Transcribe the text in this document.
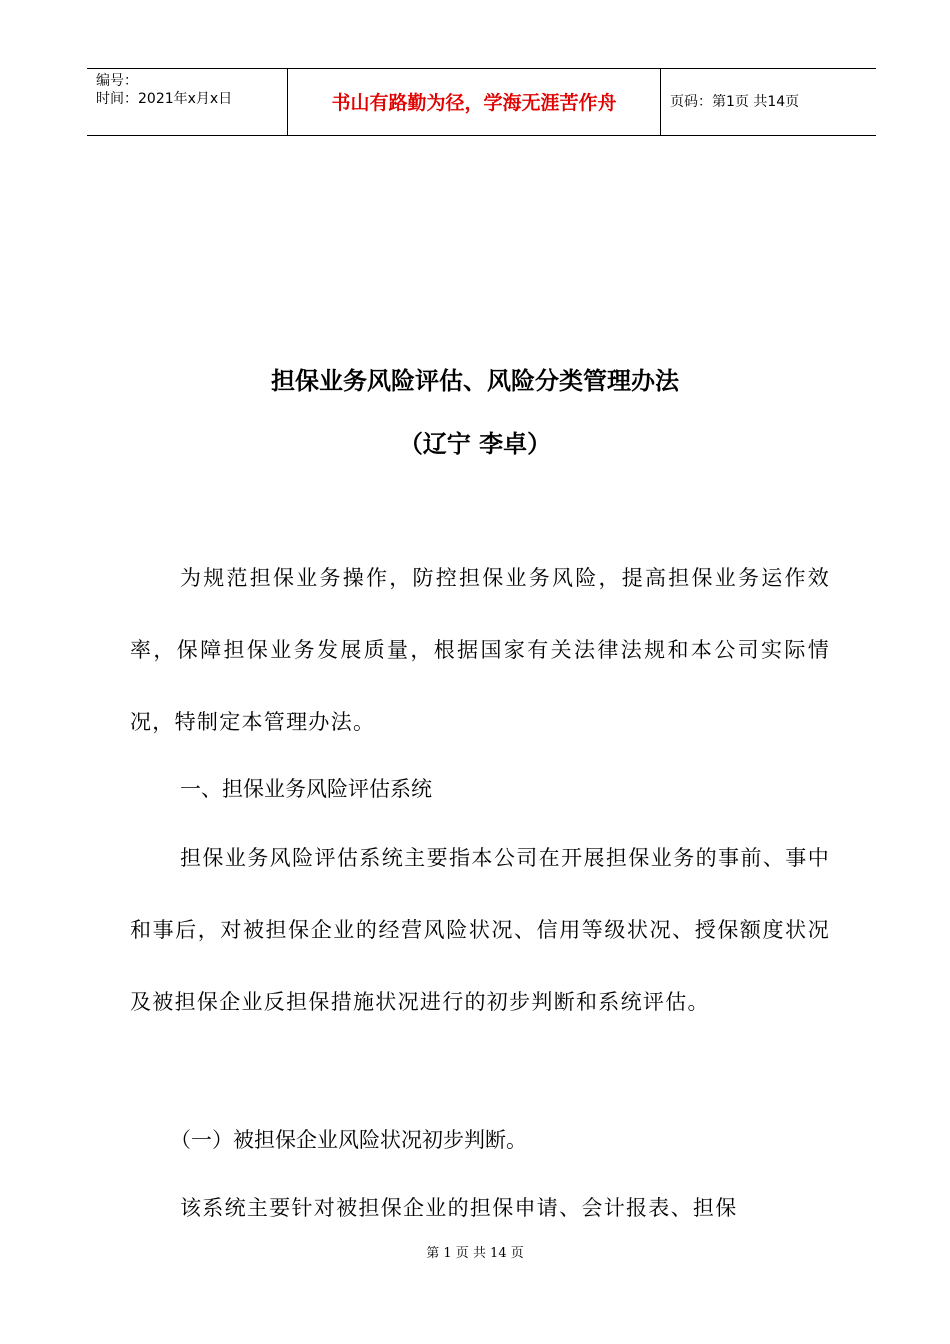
编号：
时间：2021年x月x日	书山有路勤为径，学海无涯苦作舟	页码：第1页 共14页
担保业务风险评估、风险分类管理办法
（辽宁 李卓）

为规范担保业务操作，防控担保业务风险，提高担保业务运作效率，保障担保业务发展质量，根据国家有关法律法规和本公司实际情况，特制定本管理办法。

一、担保业务风险评估系统

担保业务风险评估系统主要指本公司在开展担保业务的事前、事中和事后，对被担保企业的经营风险状况、信用等级状况、授保额度状况及被担保企业反担保措施状况进行的初步判断和系统评估。

（一）被担保企业风险状况初步判断。

该系统主要针对被担保企业的担保申请、会计报表、担保

第 1 页 共 14 页
